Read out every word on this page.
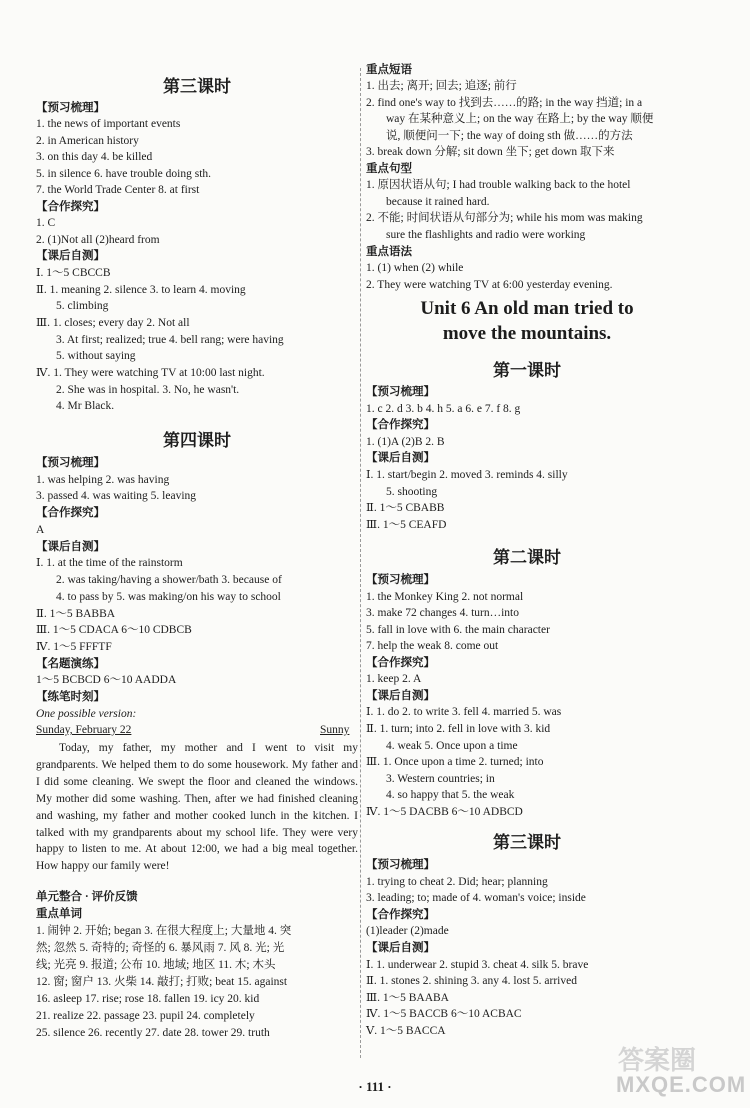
第三课时
【预习梳理】
1. the news of important events
2. in American history
3. on this day 4. be killed
5. in silence 6. have trouble doing sth.
7. the World Trade Center 8. at first
【合作探究】
1. C
2. (1)Not all (2)heard from
【课后自测】
Ⅰ. 1～5 CBCCB
Ⅱ. 1. meaning 2. silence 3. to learn 4. moving
5. climbing
Ⅲ. 1. closes; every day 2. Not all
3. At first; realized; true 4. bell rang; were having
5. without saying
Ⅳ. 1. They were watching TV at 10:00 last night.
2. She was in hospital. 3. No, he wasn't.
4. Mr Black.
第四课时
【预习梳理】
1. was helping 2. was having
3. passed 4. was waiting 5. leaving
【合作探究】
A
【课后自测】
Ⅰ. 1. at the time of the rainstorm
2. was taking/having a shower/bath 3. because of
4. to pass by 5. was making/on his way to school
Ⅱ. 1～5 BABBA
Ⅲ. 1～5 CDACA 6～10 CDBCB
Ⅳ. 1～5 FFFTF
【名题演练】
1～5 BCBCD 6～10 AADDA
【练笔时刻】
One possible version:
Sunday, February 22	Sunny

Today, my father, my mother and I went to visit my grandparents. We helped them to do some housework. My father and I did some cleaning. We swept the floor and cleaned the windows. My mother did some washing. Then, after we had finished cleaning and washing, my father and mother cooked lunch in the kitchen. I talked with my grandparents about my school life. They were very happy to listen to me. At about 12:00, we had a big meal together. How happy our family were!

单元整合 · 评价反馈
重点单词
1. 闹钟 2. 开始; began 3. 在很大程度上; 大量地 4. 突
然; 忽然 5. 奇特的; 奇怪的 6. 暴风雨 7. 风 8. 光; 光
线; 光亮 9. 报道; 公布 10. 地域; 地区 11. 木; 木头
12. 窗; 窗户 13. 火柴 14. 敲打; 打败; beat 15. against
16. asleep 17. rise; rose 18. fallen 19. icy 20. kid
21. realize 22. passage 23. pupil 24. completely
25. silence 26. recently 27. date 28. tower 29. truth
重点短语
1. 出去; 离开; 回去; 追逐; 前行
2. find one's way to 找到去……的路; in the way 挡道; in a
way 在某种意义上; on the way 在路上; by the way 顺便
说, 顺便问一下; the way of doing sth 做……的方法
3. break down 分解; sit down 坐下; get down 取下来
重点句型
1. 原因状语从句; I had trouble walking back to the hotel
because it rained hard.
2. 不能; 时间状语从句部分为; while his mom was making
sure the flashlights and radio were working
重点语法
1. (1) when (2) while
2. They were watching TV at 6:00 yesterday evening.
Unit 6 An old man tried to
move the mountains.
第一课时
【预习梳理】
1. c 2. d 3. b 4. h 5. a 6. e 7. f 8. g
【合作探究】
1. (1)A (2)B 2. B
【课后自测】
Ⅰ. 1. start/begin 2. moved 3. reminds 4. silly
5. shooting
Ⅱ. 1～5 CBABB
Ⅲ. 1～5 CEAFD
第二课时
【预习梳理】
1. the Monkey King 2. not normal
3. make 72 changes 4. turn…into
5. fall in love with 6. the main character
7. help the weak 8. come out
【合作探究】
1. keep 2. A
【课后自测】
Ⅰ. 1. do 2. to write 3. fell 4. married 5. was
Ⅱ. 1. turn; into 2. fell in love with 3. kid
4. weak 5. Once upon a time
Ⅲ. 1. Once upon a time 2. turned; into
3. Western countries; in
4. so happy that 5. the weak
Ⅳ. 1～5 DACBB 6～10 ADBCD
第三课时
【预习梳理】
1. trying to cheat 2. Did; hear; planning
3. leading; to; made of 4. woman's voice; inside
【合作探究】
(1)leader (2)made
【课后自测】
Ⅰ. 1. underwear 2. stupid 3. cheat 4. silk 5. brave
Ⅱ. 1. stones 2. shining 3. any 4. lost 5. arrived
Ⅲ. 1～5 BAABA
Ⅳ. 1～5 BACCB 6～10 ACBAC
Ⅴ. 1～5 BACCA
· 111 ·
答案圈
MXQE.COM
